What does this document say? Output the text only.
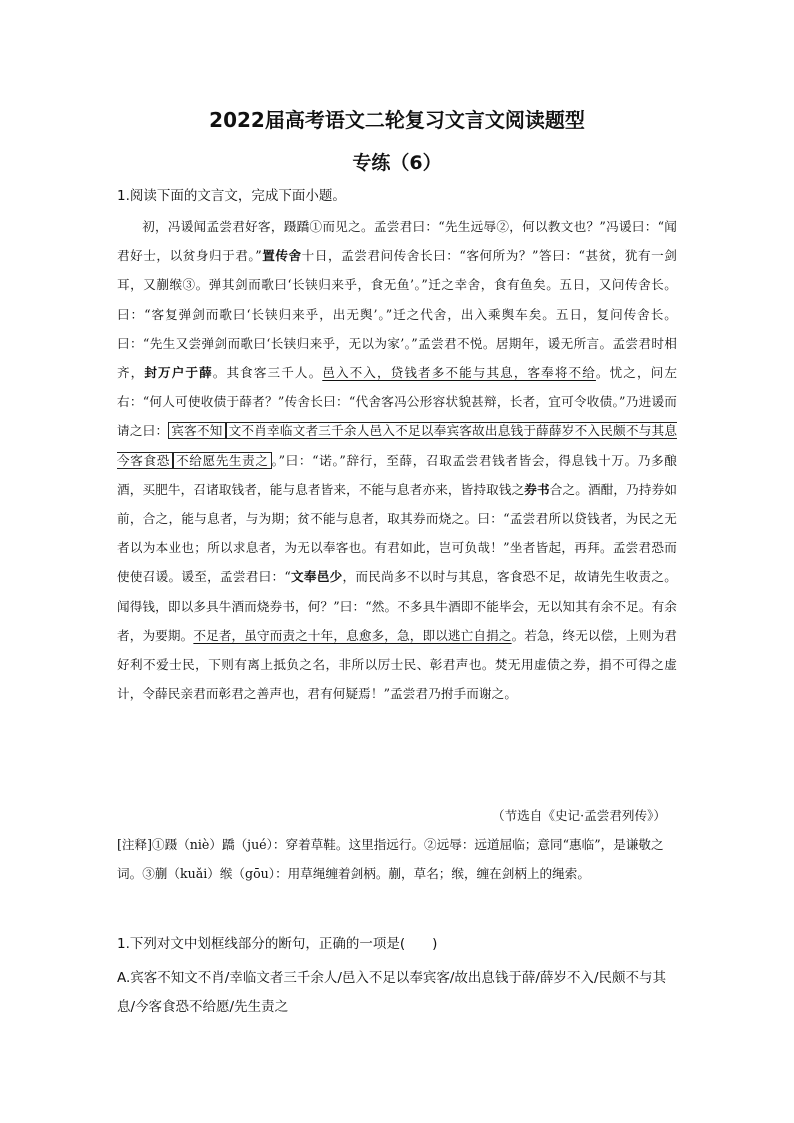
2022届高考语文二轮复习文言文阅读题型
专练（6）
1.阅读下面的文言文，完成下面小题。

初，冯谖闻孟尝君好客，蹑蹻①而见之。孟尝君曰：“先生远辱②，何以教文也？”冯谖曰：“闻君好士，以贫身归于君。”置传舍十日，孟尝君问传舍长曰：“客何所为？”答曰：“甚贫，犹有一剑耳，又蒯缑③。弹其剑而歌曰‘长铗归来乎，食无鱼’。”迁之幸舍，食有鱼矣。五日，又问传舍长。曰：“客复弹剑而歌曰‘长铗归来乎，出无舆’。”迁之代舍，出入乘舆车矣。五日，复问传舍长。曰：“先生又尝弹剑而歌曰‘长铗归来乎，无以为家’。”孟尝君不悦。居期年，谖无所言。孟尝君时相齐，封万户于薛。其食客三千人。邑入不入，贷钱者多不能与其息，客奉将不给。忧之，问左右：“何人可使收债于薛者？”传舍长曰：“代舍客冯公形容状貌甚辩，长者，宜可令收债。”乃进谖而请之曰： 宾客不知 文不肖幸临文者三千余人邑入不足以奉宾客故出息钱于薛薛岁不入民颇不与其息今客食恐 不给愿先生责之 。”曰：“诺。”辞行，至薛，召取孟尝君钱者皆会，得息钱十万。乃多酿酒，买肥牛，召诸取钱者，能与息者皆来，不能与息者亦来，皆持取钱之券书合之。酒酣，乃持券如前，合之，能与息者，与为期；贫不能与息者，取其券而烧之。曰：“孟尝君所以贷钱者，为民之无者以为本业也；所以求息者，为无以奉客也。有君如此，岂可负哉！”坐者皆起，再拜。孟尝君恐而使使召谖。谖至，孟尝君曰：“文奉邑少，而民尚多不以时与其息，客食恐不足，故请先生收责之。闻得钱，即以多具牛酒而烧券书，何？”曰：“然。不多具牛酒即不能毕会，无以知其有余不足。有余者，为要期。不足者，虽守而责之十年，息愈多，急，即以逃亡自捐之。若急，终无以偿，上则为君好利不爱士民，下则有离上抵负之名，非所以厉士民、彰君声也。焚无用虚债之券，捐不可得之虚计，令薛民亲君而彰君之善声也，君有何疑焉！”孟尝君乃拊手而谢之。

（节选自《史记·孟尝君列传》）

[注释]①蹑（niè）蹻（jué）：穿着草鞋。这里指远行。②远辱：远道屈临；意同“惠临”，是谦敬之词。③蒯（kuǎi）缑（gōu）：用草绳缠着剑柄。蒯，草名；缑，缠在剑柄上的绳索。

1.下列对文中划框线部分的断句，正确的一项是(　　)

A.宾客不知文不肖/幸临文者三千余人/邑入不足以奉宾客/故出息钱于薛/薛岁不入/民颇不与其息/今客食恐不给愿/先生责之
